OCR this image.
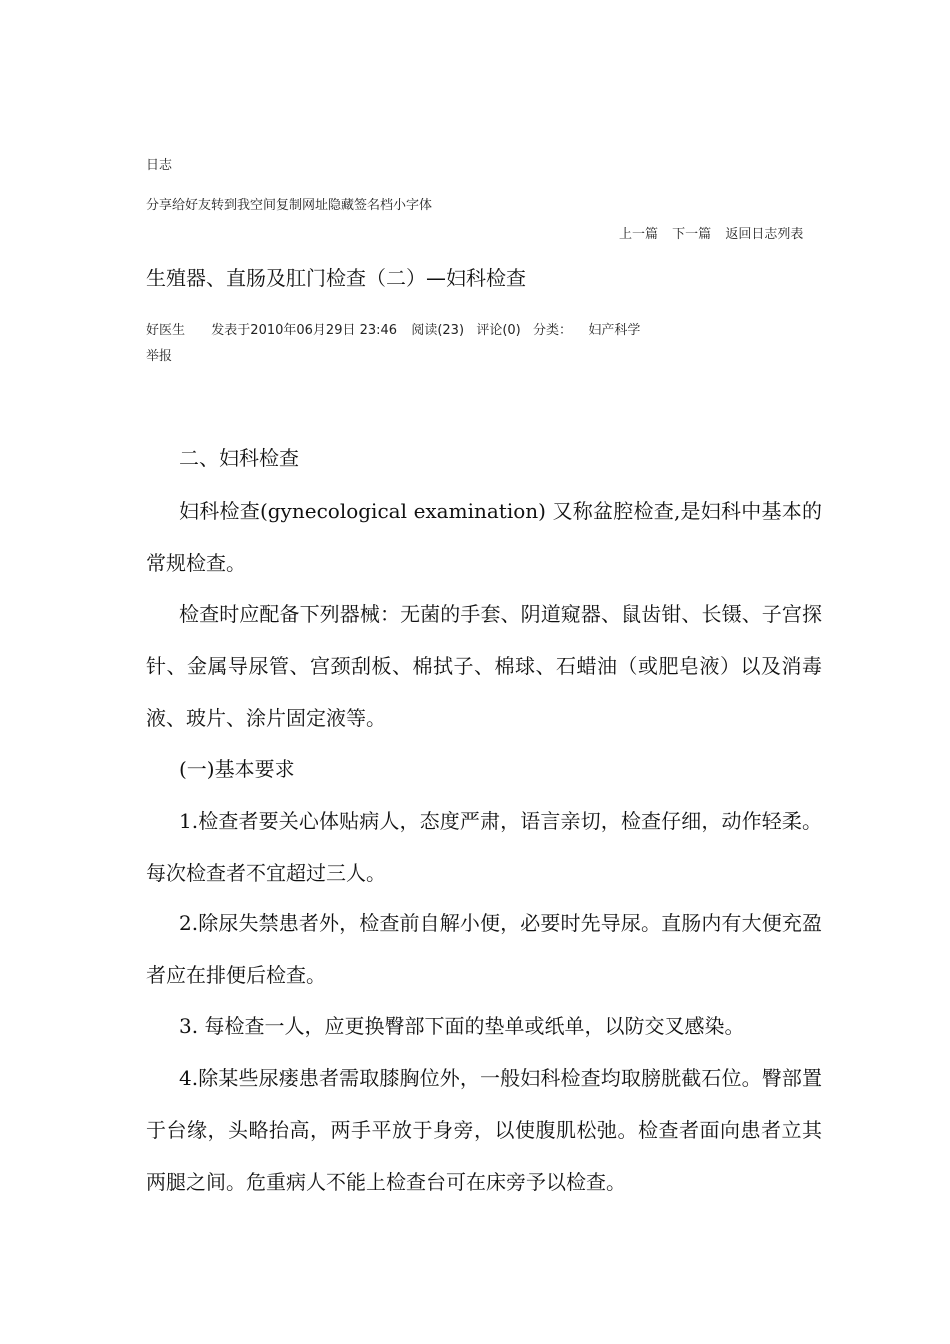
日志
分享给好友转到我空间复制网址隐藏签名档小字体
上一篇 下一篇 返回日志列表
生殖器、直肠及肛门检查（二）—妇科检查
好医生 发表于2010年06月29日 23:46 阅读(23) 评论(0) 分类： 妇产科学
举报
二、妇科检查
妇科检查(gynecological examination) 又称盆腔检查,是妇科中基本的常规检查。
检查时应配备下列器械：无菌的手套、阴道窥器、鼠齿钳、长镊、子宫探针、金属导尿管、宫颈刮板、棉拭子、棉球、石蜡油（或肥皂液）以及消毒液、玻片、涂片固定液等。
(一)基本要求
1.检查者要关心体贴病人，态度严肃，语言亲切，检查仔细，动作轻柔。每次检查者不宜超过三人。
2.除尿失禁患者外，检查前自解小便，必要时先导尿。直肠内有大便充盈者应在排便后检查。
3. 每检查一人，应更换臀部下面的垫单或纸单，以防交叉感染。
4.除某些尿瘘患者需取膝胸位外，一般妇科检查均取膀胱截石位。臀部置于台缘，头略抬高，两手平放于身旁，以使腹肌松弛。检查者面向患者立其两腿之间。危重病人不能上检查台可在床旁予以检查。
